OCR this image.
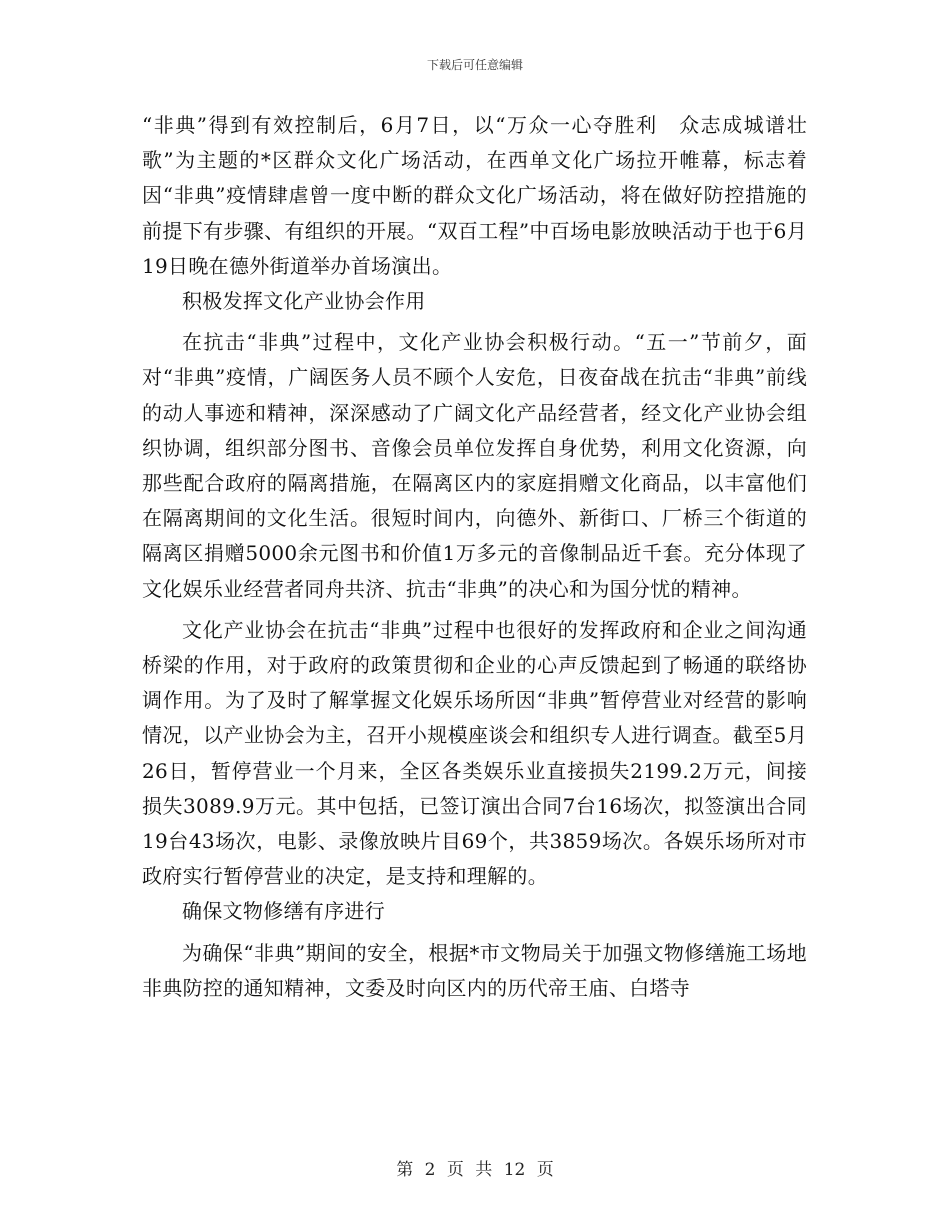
下载后可任意编辑

“非典”得到有效控制后，6月7日，以“万众一心夺胜利　众志成城谱壮歌”为主题的*区群众文化广场活动，在西单文化广场拉开帷幕，标志着因“非典”疫情肆虐曾一度中断的群众文化广场活动，将在做好防控措施的前提下有步骤、有组织的开展。“双百工程”中百场电影放映活动于也于6月19日晚在德外街道举办首场演出。

积极发挥文化产业协会作用

在抗击“非典”过程中，文化产业协会积极行动。“五一”节前夕，面对“非典”疫情，广阔医务人员不顾个人安危，日夜奋战在抗击“非典”前线的动人事迹和精神，深深感动了广阔文化产品经营者，经文化产业协会组织协调，组织部分图书、音像会员单位发挥自身优势，利用文化资源，向那些配合政府的隔离措施，在隔离区内的家庭捐赠文化商品，以丰富他们在隔离期间的文化生活。很短时间内，向德外、新街口、厂桥三个街道的隔离区捐赠5000余元图书和价值1万多元的音像制品近千套。充分体现了文化娱乐业经营者同舟共济、抗击“非典”的决心和为国分忧的精神。

文化产业协会在抗击“非典”过程中也很好的发挥政府和企业之间沟通桥梁的作用，对于政府的政策贯彻和企业的心声反馈起到了畅通的联络协调作用。为了及时了解掌握文化娱乐场所因“非典”暂停营业对经营的影响情况，以产业协会为主，召开小规模座谈会和组织专人进行调查。截至5月26日，暂停营业一个月来，全区各类娱乐业直接损失2199.2万元，间接损失3089.9万元。其中包括，已签订演出合同7台16场次，拟签演出合同19台43场次，电影、录像放映片目69个，共3859场次。各娱乐场所对市政府实行暂停营业的决定，是支持和理解的。

确保文物修缮有序进行

为确保“非典”期间的安全，根据*市文物局关于加强文物修缮施工场地非典防控的通知精神，文委及时向区内的历代帝王庙、白塔寺

第 2 页 共 12 页
